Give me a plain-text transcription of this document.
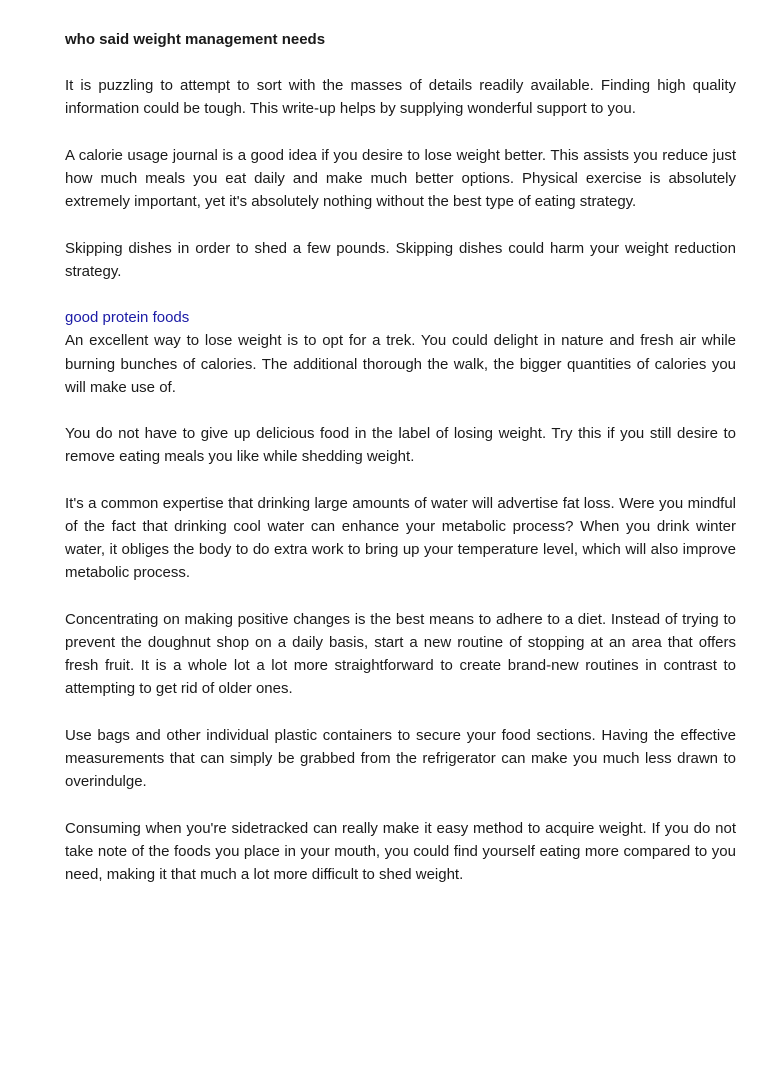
who said weight management needs

It is puzzling to attempt to sort with the masses of details readily available. Finding high quality information could be tough. This write-up helps by supplying wonderful support to you.

A calorie usage journal is a good idea if you desire to lose weight better. This assists you reduce just how much meals you eat daily and make much better options. Physical exercise is absolutely extremely important, yet it's absolutely nothing without the best type of eating strategy.

Skipping dishes in order to shed a few pounds. Skipping dishes could harm your weight reduction strategy.

good protein foods

An excellent way to lose weight is to opt for a trek. You could delight in nature and fresh air while burning bunches of calories. The additional thorough the walk, the bigger quantities of calories you will make use of.

You do not have to give up delicious food in the label of losing weight. Try this if you still desire to remove eating meals you like while shedding weight.

It's a common expertise that drinking large amounts of water will advertise fat loss. Were you mindful of the fact that drinking cool water can enhance your metabolic process? When you drink winter water, it obliges the body to do extra work to bring up your temperature level, which will also improve metabolic process.

Concentrating on making positive changes is the best means to adhere to a diet. Instead of trying to prevent the doughnut shop on a daily basis, start a new routine of stopping at an area that offers fresh fruit. It is a whole lot a lot more straightforward to create brand-new routines in contrast to attempting to get rid of older ones.

Use bags and other individual plastic containers to secure your food sections. Having the effective measurements that can simply be grabbed from the refrigerator can make you much less drawn to overindulge.

Consuming when you're sidetracked can really make it easy method to acquire weight. If you do not take note of the foods you place in your mouth, you could find yourself eating more compared to you need, making it that much a lot more difficult to shed weight.
